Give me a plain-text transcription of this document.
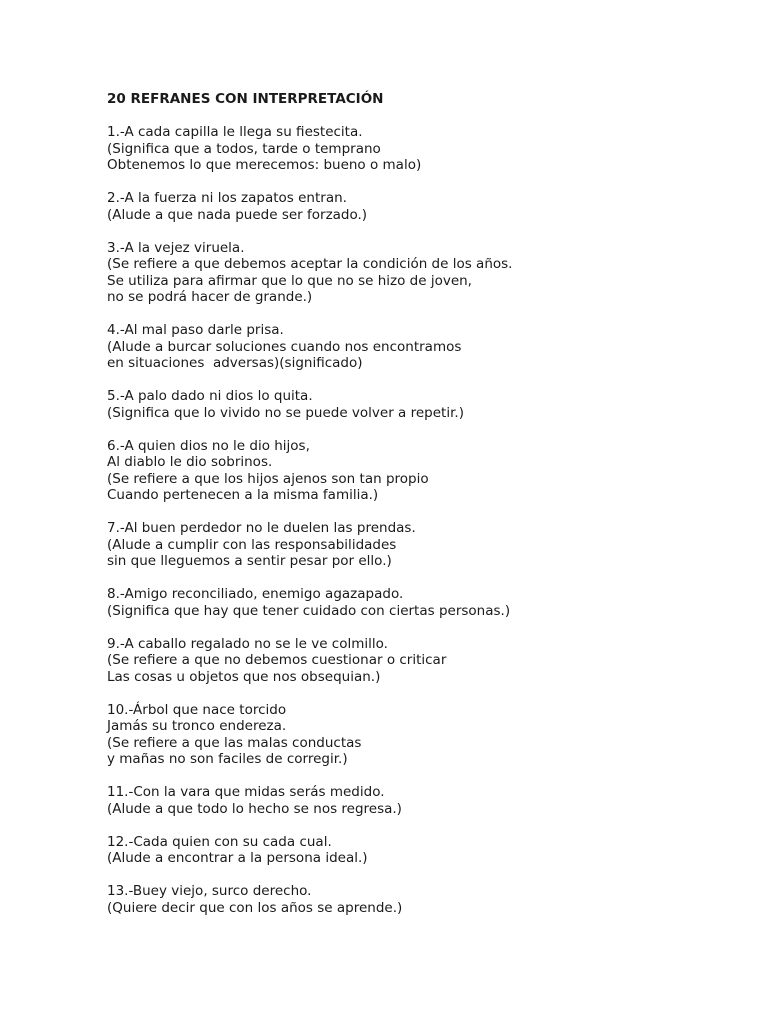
20 REFRANES CON INTERPRETACIÓN
1.-A cada capilla le llega su fiestecita.
(Significa que a todos, tarde o temprano
Obtenemos lo que merecemos: bueno o malo)
2.-A la fuerza ni los zapatos entran.
(Alude a que nada puede ser forzado.)
3.-A la vejez viruela.
(Se refiere a que debemos aceptar la condición de los años.
Se utiliza para afirmar que lo que no se hizo de joven,
no se podrá hacer de grande.)
4.-Al mal paso darle prisa.
(Alude a burcar soluciones cuando nos encontramos
en situaciones  adversas)(significado)
5.-A palo dado ni dios lo quita.
(Significa que lo vivido no se puede volver a repetir.)
6.-A quien dios no le dio hijos,
Al diablo le dio sobrinos.
(Se refiere a que los hijos ajenos son tan propio
Cuando pertenecen a la misma familia.)
7.-Al buen perdedor no le duelen las prendas.
(Alude a cumplir con las responsabilidades
sin que lleguemos a sentir pesar por ello.)
8.-Amigo reconciliado, enemigo agazapado.
(Significa que hay que tener cuidado con ciertas personas.)
9.-A caballo regalado no se le ve colmillo.
(Se refiere a que no debemos cuestionar o criticar
Las cosas u objetos que nos obsequian.)
10.-Árbol que nace torcido
Jamás su tronco endereza.
(Se refiere a que las malas conductas
y mañas no son faciles de corregir.)
11.-Con la vara que midas serás medido.
(Alude a que todo lo hecho se nos regresa.)
12.-Cada quien con su cada cual.
(Alude a encontrar a la persona ideal.)
13.-Buey viejo, surco derecho.
(Quiere decir que con los años se aprende.)
